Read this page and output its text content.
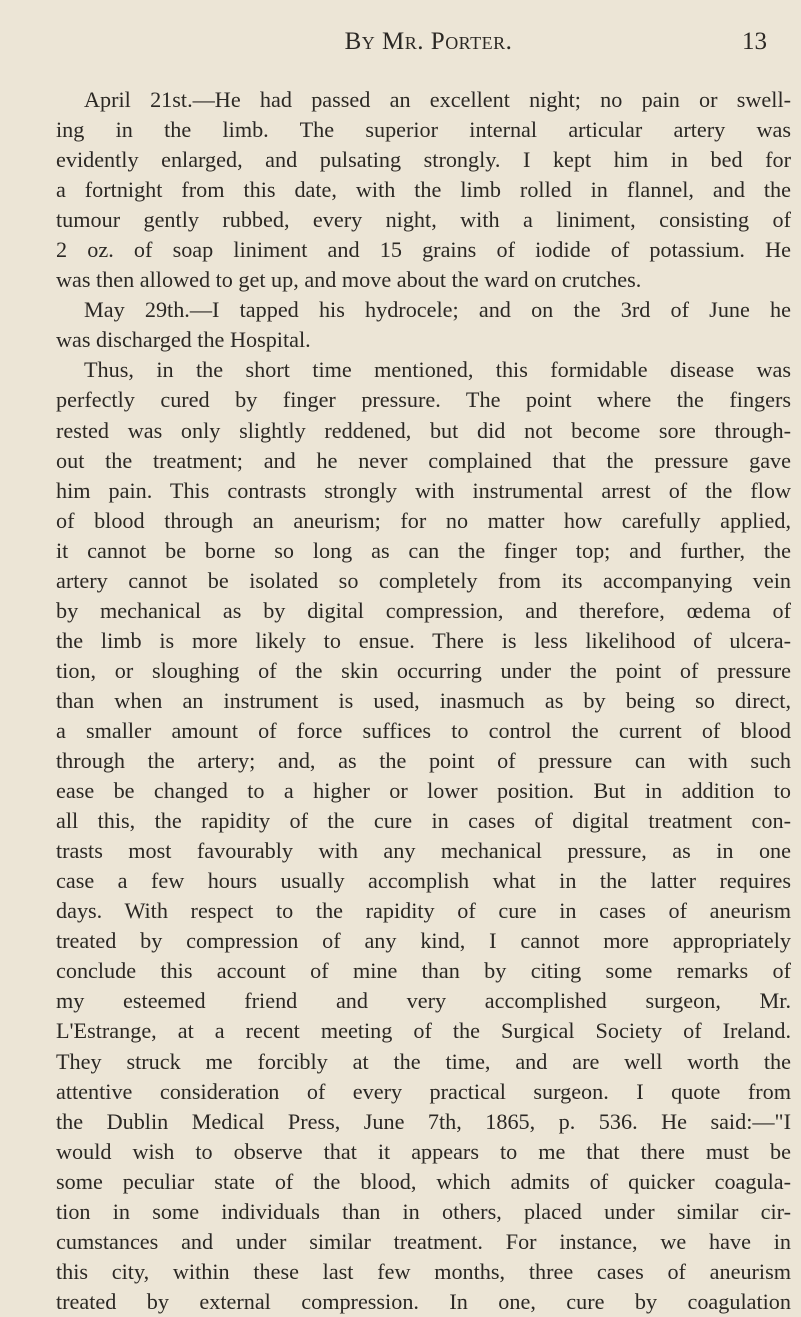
By Mr. Porter.	13
April 21st.—He had passed an excellent night; no pain or swell-
ing in the limb. The superior internal articular artery was
evidently enlarged, and pulsating strongly. I kept him in bed for
a fortnight from this date, with the limb rolled in flannel, and the
tumour gently rubbed, every night, with a liniment, consisting of
2 oz. of soap liniment and 15 grains of iodide of potassium. He
was then allowed to get up, and move about the ward on crutches.
May 29th.—I tapped his hydrocele; and on the 3rd of June he
was discharged the Hospital.
Thus, in the short time mentioned, this formidable disease was
perfectly cured by finger pressure. The point where the fingers
rested was only slightly reddened, but did not become sore through-
out the treatment; and he never complained that the pressure gave
him pain. This contrasts strongly with instrumental arrest of the flow
of blood through an aneurism; for no matter how carefully applied,
it cannot be borne so long as can the finger top; and further, the
artery cannot be isolated so completely from its accompanying vein
by mechanical as by digital compression, and therefore, œdema of
the limb is more likely to ensue. There is less likelihood of ulcera-
tion, or sloughing of the skin occurring under the point of pressure
than when an instrument is used, inasmuch as by being so direct,
a smaller amount of force suffices to control the current of blood
through the artery; and, as the point of pressure can with such
ease be changed to a higher or lower position. But in addition to
all this, the rapidity of the cure in cases of digital treatment con-
trasts most favourably with any mechanical pressure, as in one
case a few hours usually accomplish what in the latter requires
days. With respect to the rapidity of cure in cases of aneurism
treated by compression of any kind, I cannot more appropriately
conclude this account of mine than by citing some remarks of
my esteemed friend and very accomplished surgeon, Mr.
L'Estrange, at a recent meeting of the Surgical Society of Ireland.
They struck me forcibly at the time, and are well worth the
attentive consideration of every practical surgeon. I quote from
the Dublin Medical Press, June 7th, 1865, p. 536. He said:—"I
would wish to observe that it appears to me that there must be
some peculiar state of the blood, which admits of quicker coagula-
tion in some individuals than in others, placed under similar cir-
cumstances and under similar treatment. For instance, we have in
this city, within these last few months, three cases of aneurism
treated by external compression. In one, cure by coagulation
